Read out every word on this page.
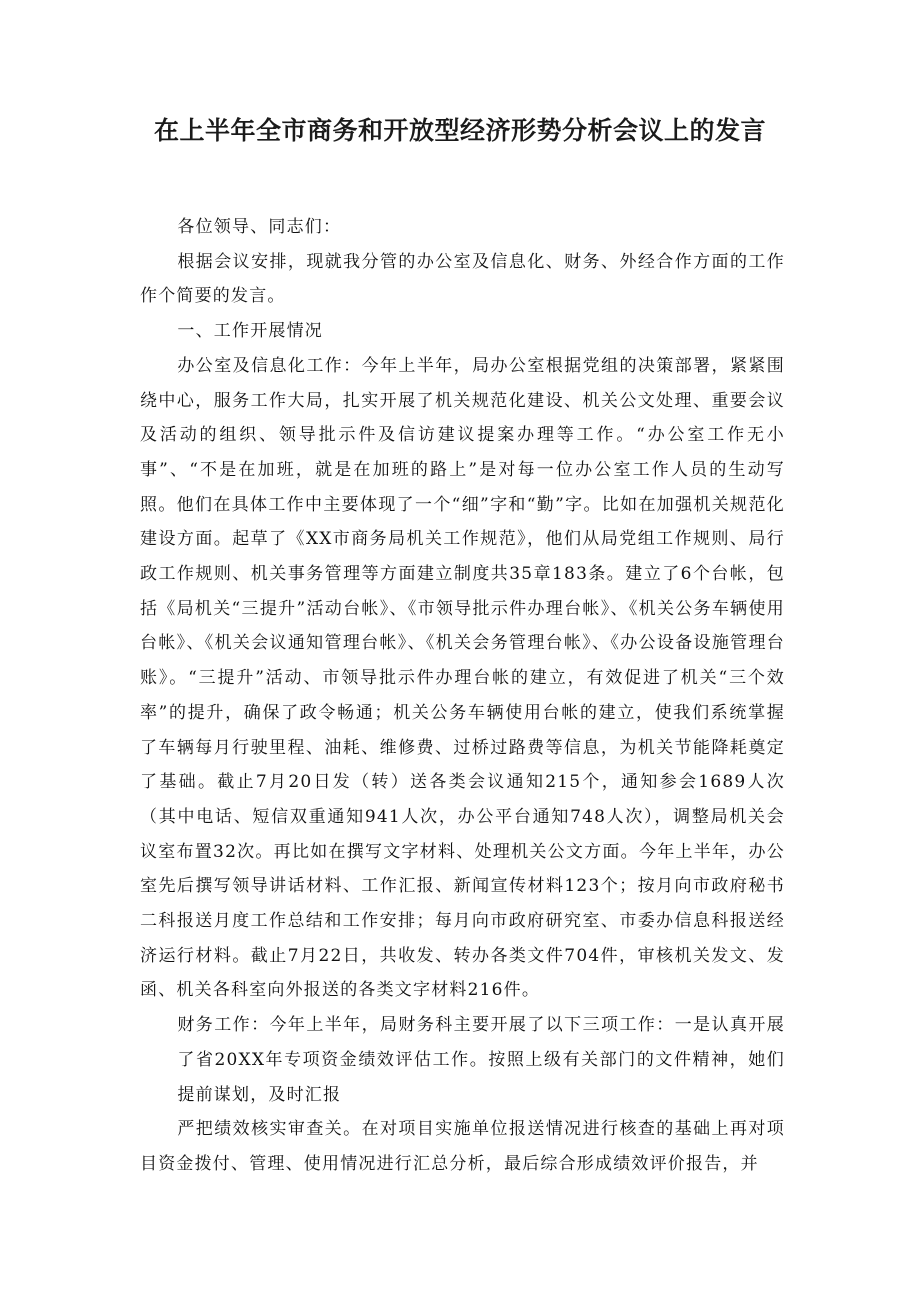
在上半年全市商务和开放型经济形势分析会议上的发言

各位领导、同志们：

根据会议安排，现就我分管的办公室及信息化、财务、外经合作方面的工作作个简要的发言。

一、工作开展情况

办公室及信息化工作：今年上半年，局办公室根据党组的决策部署，紧紧围绕中心，服务工作大局，扎实开展了机关规范化建设、机关公文处理、重要会议及活动的组织、领导批示件及信访建议提案办理等工作。“办公室工作无小事”、“不是在加班，就是在加班的路上”是对每一位办公室工作人员的生动写照。他们在具体工作中主要体现了一个“细”字和“勤”字。比如在加强机关规范化建设方面。起草了《XX市商务局机关工作规范》，他们从局党组工作规则、局行政工作规则、机关事务管理等方面建立制度共35章183条。建立了6个台帐，包括《局机关“三提升”活动台帐》、《市领导批示件办理台帐》、《机关公务车辆使用台帐》、《机关会议通知管理台帐》、《机关会务管理台帐》、《办公设备设施管理台账》。“三提升”活动、市领导批示件办理台帐的建立，有效促进了机关“三个效率”的提升，确保了政令畅通；机关公务车辆使用台帐的建立，使我们系统掌握了车辆每月行驶里程、油耗、维修费、过桥过路费等信息，为机关节能降耗奠定了基础。截止7月20日发（转）送各类会议通知215个，通知参会1689人次（其中电话、短信双重通知941人次，办公平台通知748人次），调整局机关会议室布置32次。再比如在撰写文字材料、处理机关公文方面。今年上半年，办公室先后撰写领导讲话材料、工作汇报、新闻宣传材料123个；按月向市政府秘书二科报送月度工作总结和工作安排；每月向市政府研究室、市委办信息科报送经济运行材料。截止7月22日，共收发、转办各类文件704件，审核机关发文、发函、机关各科室向外报送的各类文字材料216件。

财务工作：今年上半年，局财务科主要开展了以下三项工作：一是认真开展了省20XX年专项资金绩效评估工作。按照上级有关部门的文件精神，她们提前谋划，及时汇报

严把绩效核实审查关。在对项目实施单位报送情况进行核查的基础上再对项目资金拨付、管理、使用情况进行汇总分析，最后综合形成绩效评价报告，并
